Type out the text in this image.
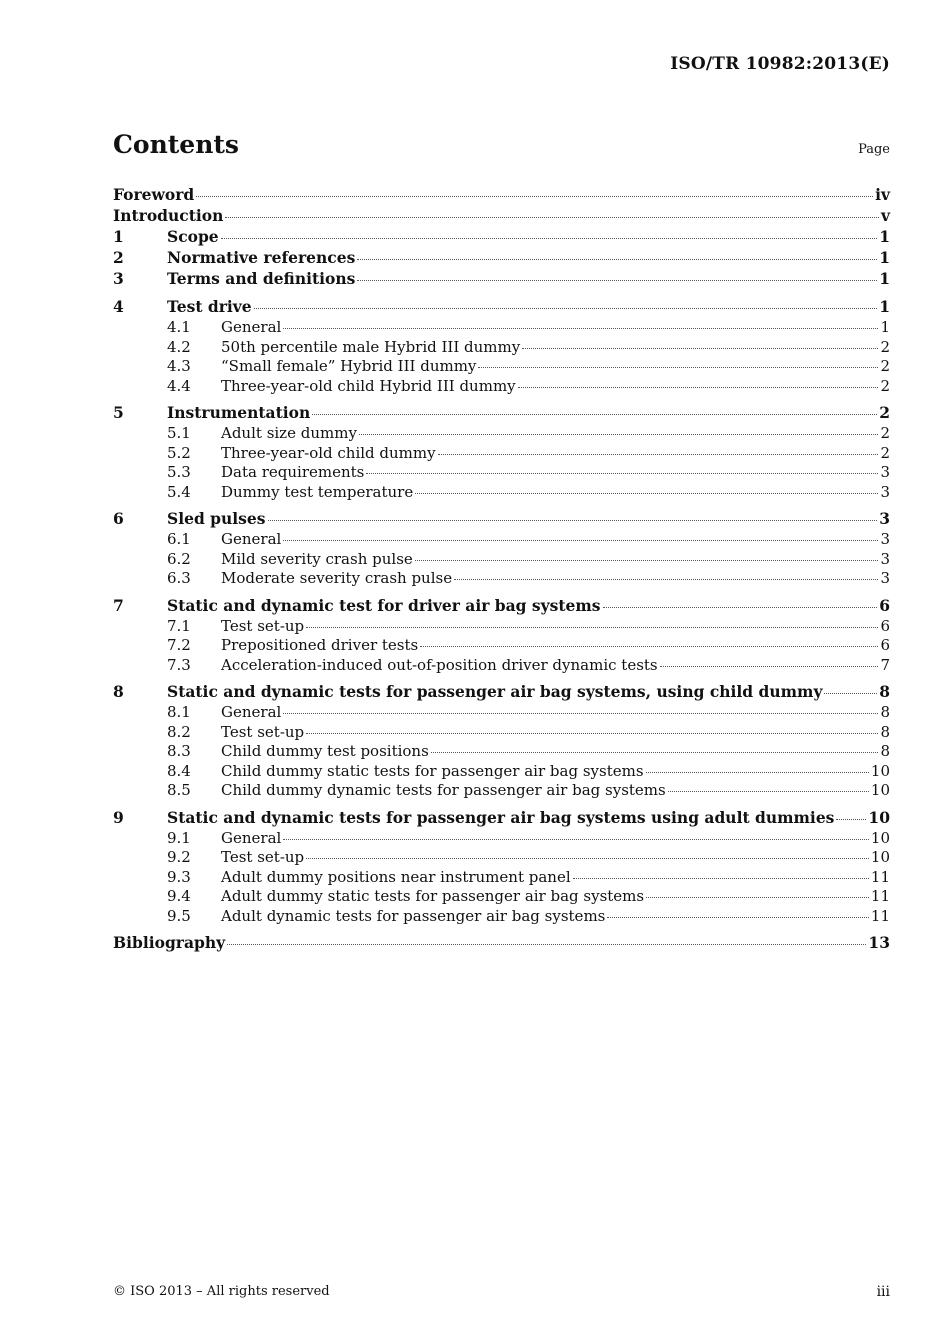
ISO/TR 10982:2013(E)
Contents	Page
Foreword	iv
Introduction	v
1	Scope	1
2	Normative references	1
3	Terms and definitions	1
4	Test drive	1
4.1	General	1
4.2	50th percentile male Hybrid III dummy	2
4.3	“Small female” Hybrid III dummy	2
4.4	Three-year-old child Hybrid III dummy	2
5	Instrumentation	2
5.1	Adult size dummy	2
5.2	Three-year-old child dummy	2
5.3	Data requirements	3
5.4	Dummy test temperature	3
6	Sled pulses	3
6.1	General	3
6.2	Mild severity crash pulse	3
6.3	Moderate severity crash pulse	3
7	Static and dynamic test for driver air bag systems	6
7.1	Test set-up	6
7.2	Prepositioned driver tests	6
7.3	Acceleration-induced out-of-position driver dynamic tests	7
8	Static and dynamic tests for passenger air bag systems, using child dummy	8
8.1	General	8
8.2	Test set-up	8
8.3	Child dummy test positions	8
8.4	Child dummy static tests for passenger air bag systems	10
8.5	Child dummy dynamic tests for passenger air bag systems	10
9	Static and dynamic tests for passenger air bag systems using adult dummies 10
9.1	General	10
9.2	Test set-up	10
9.3	Adult dummy positions near instrument panel	11
9.4	Adult dummy static tests for passenger air bag systems	11
9.5	Adult dynamic tests for passenger air bag systems	11
Bibliography	13
© ISO 2013 – All rights reserved	iii
